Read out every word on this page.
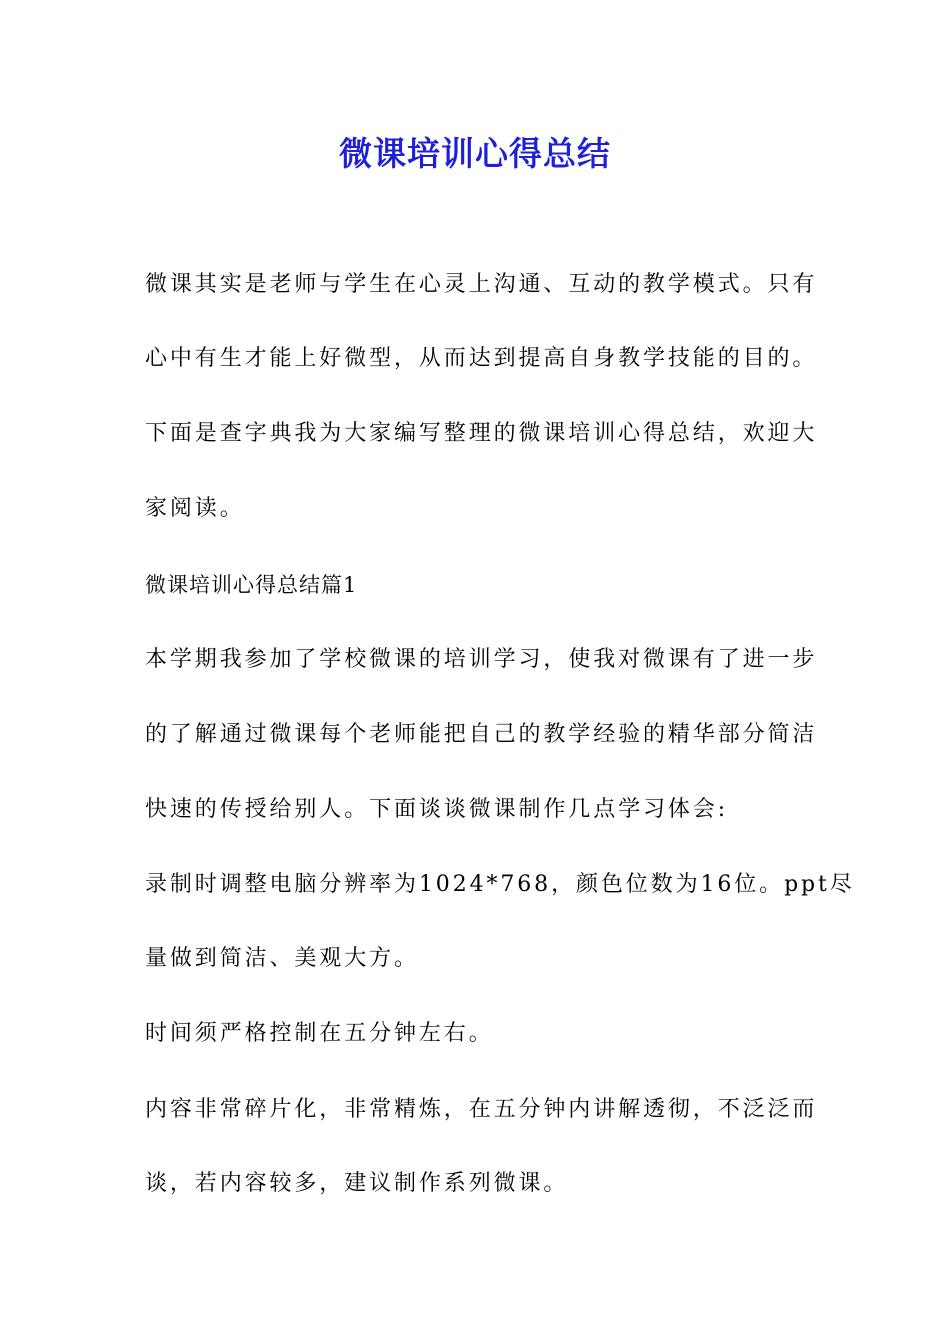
微课培训心得总结

微课其实是老师与学生在心灵上沟通、互动的教学模式。只有

心中有生才能上好微型，从而达到提高自身教学技能的目的。

下面是查字典我为大家编写整理的微课培训心得总结，欢迎大

家阅读。

微课培训心得总结篇1

本学期我参加了学校微课的培训学习，使我对微课有了进一步

的了解通过微课每个老师能把自己的教学经验的精华部分简洁

快速的传授给别人。下面谈谈微课制作几点学习体会:

录制时调整电脑分辨率为1024*768，颜色位数为16位。ppt尽

量做到简洁、美观大方。

时间须严格控制在五分钟左右。

内容非常碎片化，非常精炼，在五分钟内讲解透彻，不泛泛而

谈，若内容较多，建议制作系列微课。
